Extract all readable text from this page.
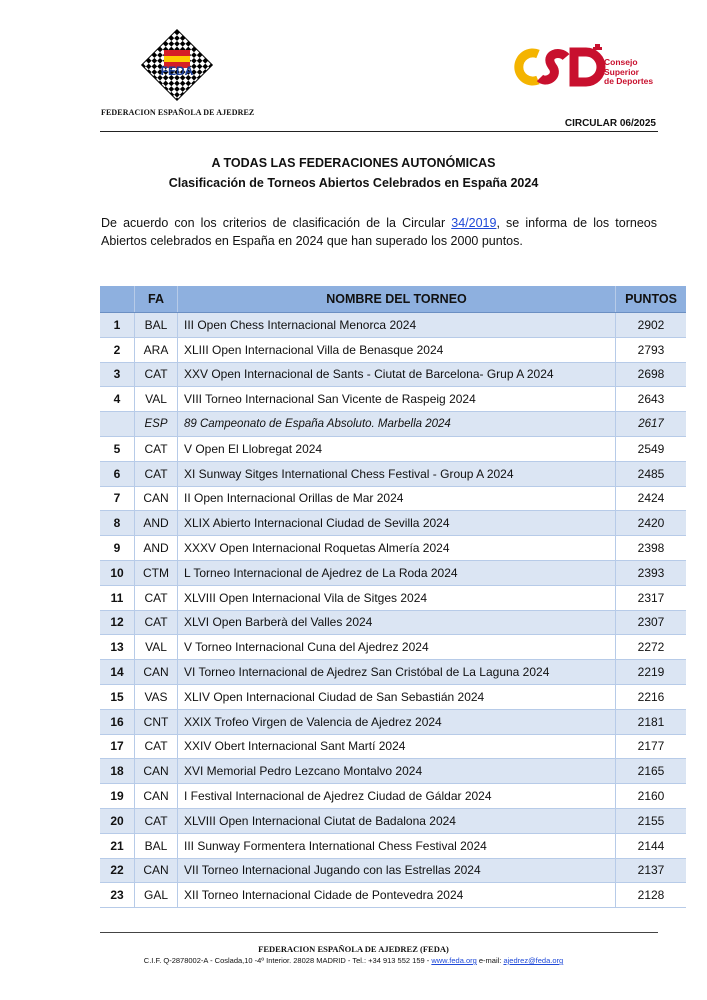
FEDA
FEDERACION ESPAÑOLA DE AJEDREZ
Consejo
Superior
de Deportes
CIRCULAR 06/2025
A TODAS LAS FEDERACIONES AUTONÓMICAS
Clasificación de Torneos Abiertos Celebrados en España 2024
De acuerdo con los criterios de clasificación de la Circular 34/2019, se informa de los torneos Abiertos celebrados en España en 2024 que han superado los 2000 puntos.
	FA	NOMBRE DEL TORNEO	PUNTOS
1	BAL	III Open Chess Internacional Menorca 2024	2902
2	ARA	XLIII Open Internacional Villa de Benasque 2024	2793
3	CAT	XXV Open Internacional de Sants - Ciutat de Barcelona- Grup A 2024	2698
4	VAL	VIII Torneo Internacional San Vicente de Raspeig 2024	2643
	ESP	89 Campeonato de España Absoluto. Marbella 2024	2617
5	CAT	V Open El Llobregat 2024	2549
6	CAT	XI Sunway Sitges International Chess Festival - Group A 2024	2485
7	CAN	II Open Internacional Orillas de Mar 2024	2424
8	AND	XLIX Abierto Internacional Ciudad de Sevilla 2024	2420
9	AND	XXXV Open Internacional Roquetas Almería 2024	2398
10	CTM	L Torneo Internacional de Ajedrez de La Roda 2024	2393
11	CAT	XLVIII Open Internacional Vila de Sitges 2024	2317
12	CAT	XLVI Open Barberà del Valles 2024	2307
13	VAL	V Torneo Internacional Cuna del Ajedrez 2024	2272
14	CAN	VI Torneo Internacional de Ajedrez San Cristóbal de La Laguna 2024	2219
15	VAS	XLIV Open Internacional Ciudad de San Sebastián 2024	2216
16	CNT	XXIX Trofeo Virgen de Valencia de Ajedrez 2024	2181
17	CAT	XXIV Obert Internacional Sant Martí 2024	2177
18	CAN	XVI Memorial Pedro Lezcano Montalvo 2024	2165
19	CAN	I Festival Internacional de Ajedrez Ciudad de Gáldar 2024	2160
20	CAT	XLVIII Open Internacional Ciutat de Badalona 2024	2155
21	BAL	III Sunway Formentera International Chess Festival 2024	2144
22	CAN	VII Torneo Internacional Jugando con las Estrellas 2024	2137
23	GAL	XII Torneo Internacional Cidade de Pontevedra 2024	2128
FEDERACION ESPAÑOLA DE AJEDREZ (FEDA)
C.I.F. Q-2878002-A - Coslada,10 -4º Interior. 28028 MADRID - Tel.: +34 913 552 159 - www.feda.org e-mail: ajedrez@feda.org
